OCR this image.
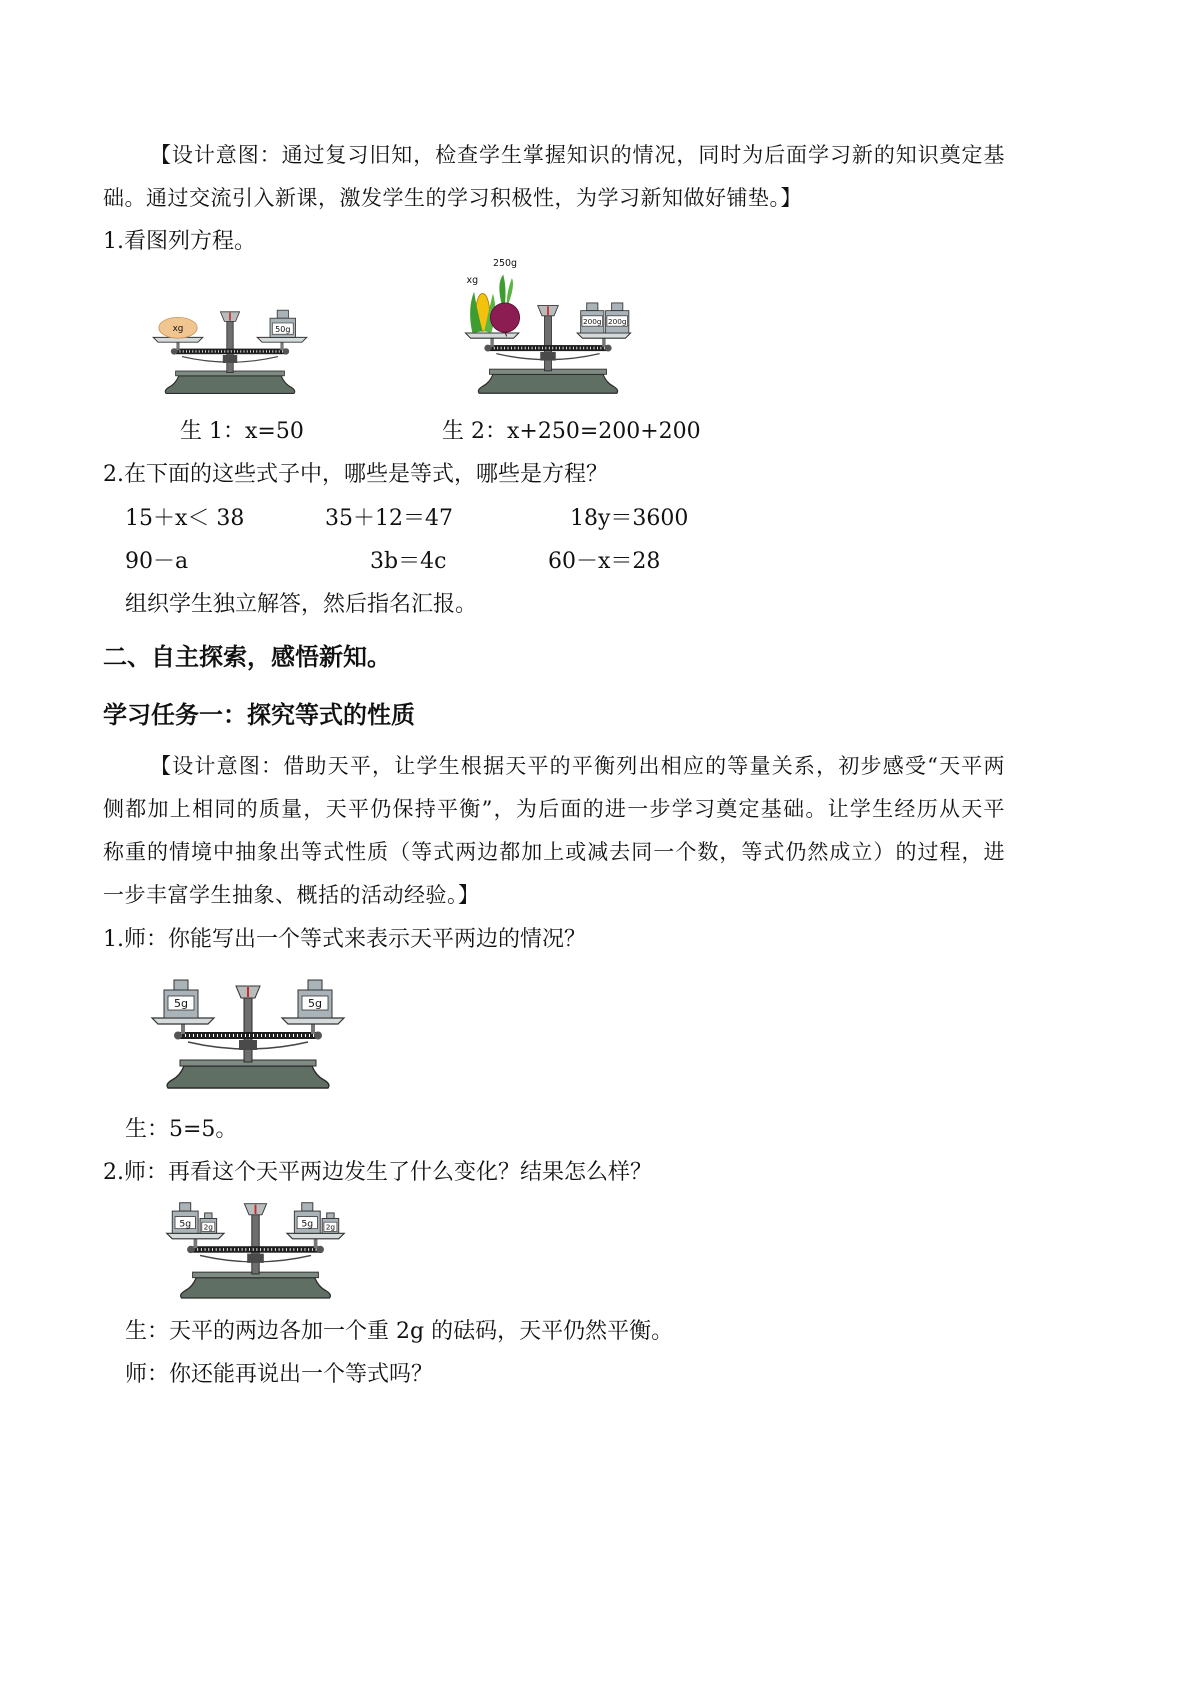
【设计意图：通过复习旧知，检查学生掌握知识的情况，同时为后面学习新的知识奠定基
础。通过交流引入新课，激发学生的学习积极性，为学习新知做好铺垫。】
1.看图列方程。
xg	50g
xg
250g
200g 200g
生 1：x=50	生 2：x+250=200+200
2.在下面的这些式子中，哪些是等式，哪些是方程？
15＋x＜ 38	35＋12＝47	18y＝3600
90－a	3b＝4c	60－x＝28
组织学生独立解答，然后指名汇报。
二、自主探索，感悟新知。
学习任务一：探究等式的性质
【设计意图：借助天平，让学生根据天平的平衡列出相应的等量关系，初步感受“天平两
侧都加上相同的质量，天平仍保持平衡”，为后面的进一步学习奠定基础。让学生经历从天平
称重的情境中抽象出等式性质（等式两边都加上或减去同一个数，等式仍然成立）的过程，进
一步丰富学生抽象、概括的活动经验。】
1.师：你能写出一个等式来表示天平两边的情况？
5g	5g
生：5=5。
2.师：再看这个天平两边发生了什么变化？结果怎么样？
5g 2g	5g 2g
生：天平的两边各加一个重 2g 的砝码，天平仍然平衡。
师：你还能再说出一个等式吗？
